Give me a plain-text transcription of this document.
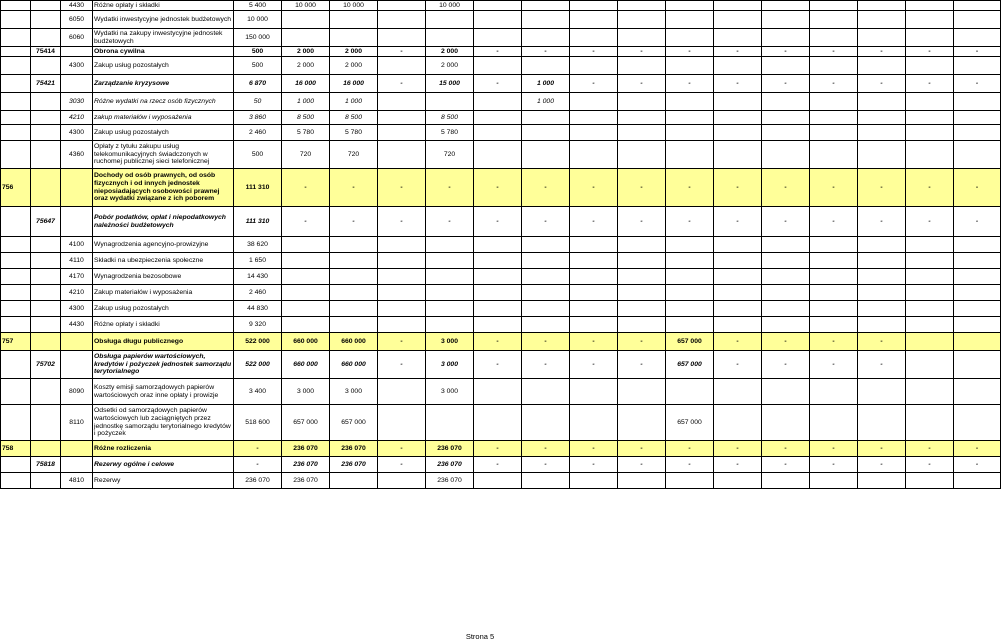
		4430	Różne opłaty i składki	5 400	10 000	10 000		10 000											
		6050	Wydatki inwestycyjne jednostek budżetowych	10 000															
		6060	Wydatki na zakupy inwestycyjne jednostek budżetowych	150 000															
	75414		Obrona cywilna	500	2 000	2 000	-	2 000	-	-	-	-	-	-	-	-	-	-	-
		4300	Zakup usług pozostałych	500	2 000	2 000		2 000											
	75421		Zarządzanie kryzysowe	6 870	16 000	16 000	-	15 000	-	1 000	-	-	-	-	-	-	-	-	-
		3030	Różne wydatki na rzecz osób fizycznych	50	1 000	1 000				1 000									
		4210	zakup materiałów i wyposażenia	3 860	8 500	8 500		8 500											
		4300	Zakup usług pozostałych	2 460	5 780	5 780		5 780											
		4360	Opłaty z tytułu zakupu usług telekomunikacyjnych świadczonych w ruchomej publicznej sieci telefonicznej	500	720	720		720											
756			Dochody od osób prawnych, od osób fizycznych i od innych jednostek nieposiadających osobowości prawnej oraz wydatki związane z ich poborem	111 310	-	-	-	-	-	-	-	-	-	-	-	-	-	-	-
	75647		Pobór podatków, opłat i niepodatkowych należności budżetowych	111 310	-	-	-	-	-	-	-	-	-	-	-	-	-	-	-
		4100	Wynagrodzenia agencyjno-prowizyjne	38 620															
		4110	Składki na ubezpieczenia społeczne	1 650															
		4170	Wynagrodzenia bezosobowe	14 430															
		4210	Zakup materiałów i wyposażenia	2 460															
		4300	Zakup usług pozostałych	44 830															
		4430	Różne opłaty i składki	9 320															
757			Obsługa długu publicznego	522 000	660 000	660 000	-	3 000	-	-	-	-	657 000	-	-	-	-		
	75702		Obsługa papierów wartościowych, kredytów i pożyczek jednostek samorządu terytorialnego	522 000	660 000	660 000	-	3 000	-	-	-	-	657 000	-	-	-	-		
		8090	Koszty emisji samorządowych papierów wartościowych oraz inne opłaty i prowizje	3 400	3 000	3 000		3 000											
		8110	Odsetki od samorządowych papierów wartościowych lub zaciągniętych przez jednostkę samorządu terytorialnego kredytów i pożyczek	518 600	657 000	657 000							657 000						
758			Różne rozliczenia	-	236 070	236 070	-	236 070	-	-	-	-	-	-	-	-	-	-	-
	75818		Rezerwy ogólne i celowe	-	236 070	236 070	-	236 070	-	-	-	-	-	-	-	-	-	-	-
		4810	Rezerwy	236 070	236 070			236 070											
Strona 5
